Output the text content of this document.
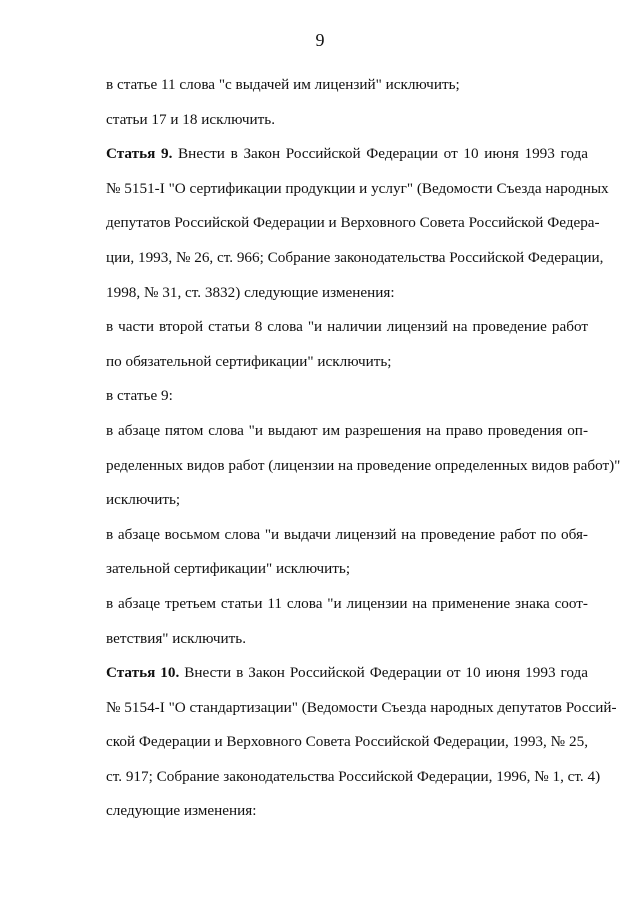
9

в статье 11 слова "с выдачей им лицензий" исключить;

статьи 17 и 18 исключить.

Статья 9. Внести в Закон Российской Федерации от 10 июня 1993 года
№ 5151-I "О сертификации продукции и услуг" (Ведомости Съезда народных
депутатов Российской Федерации и Верховного Совета Российской Федера-
ции, 1993, № 26, ст. 966; Собрание законодательства Российской Федерации,
1998, № 31, ст. 3832) следующие изменения:

в части второй статьи 8 слова "и наличии лицензий на проведение работ
по обязательной сертификации" исключить;

в статье 9:

в абзаце пятом слова "и выдают им разрешения на право проведения оп-
ределенных видов работ (лицензии на проведение определенных видов работ)"
исключить;

в абзаце восьмом слова "и выдачи лицензий на проведение работ по обя-
зательной сертификации" исключить;

в абзаце третьем статьи 11 слова "и лицензии на применение знака соот-
ветствия" исключить.

Статья 10. Внести в Закон Российской Федерации от 10 июня 1993 года
№ 5154-I "О стандартизации" (Ведомости Съезда народных депутатов Россий-
ской Федерации и Верховного Совета Российской Федерации, 1993, № 25,
ст. 917; Собрание законодательства Российской Федерации, 1996, № 1, ст. 4)
следующие изменения:
